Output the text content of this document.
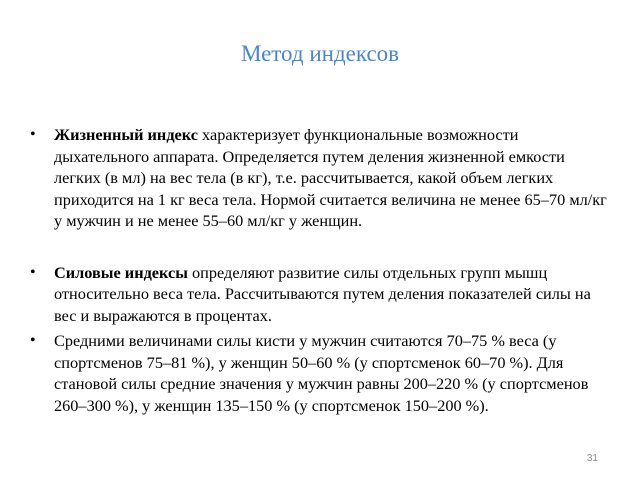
Метод индексов
• Жизненный индекс характеризует функциональные возможности дыхательного аппарата. Определяется путем деления жизненной емкости легких (в мл) на вес тела (в кг), т.е. рассчитывается, какой объем легких приходится на 1 кг веса тела. Нормой считается величина не менее 65–70 мл/кг у мужчин и не менее 55–60 мл/кг у женщин.
• Силовые индексы определяют развитие силы отдельных групп мышц относительно веса тела. Рассчитываются путем деления показателей силы на вес и выражаются в процентах.
• Средними величинами силы кисти у мужчин считаются 70–75 % веса (у спортсменов 75–81 %), у женщин 50–60 % (у спортсменок 60–70 %). Для становой силы средние значения у мужчин равны 200–220 % (у спортсменов 260–300 %), у женщин 135–150 % (у спортсменок 150–200 %).
31
